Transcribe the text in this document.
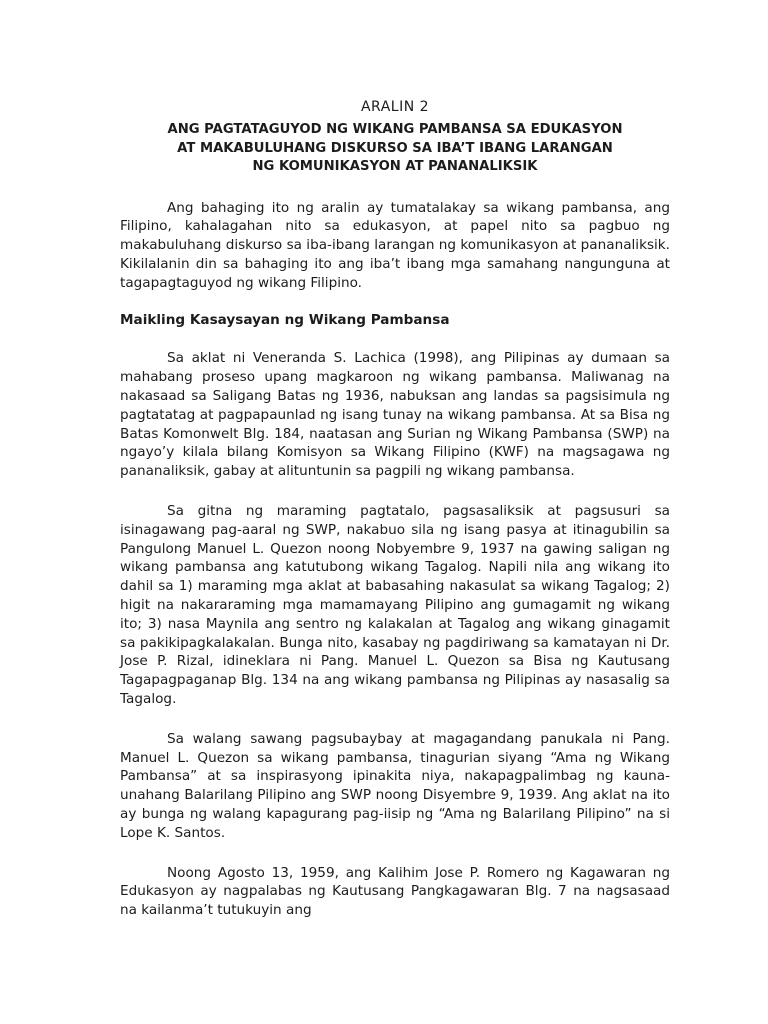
ARALIN 2

ANG PAGTATAGUYOD NG WIKANG PAMBANSA SA EDUKASYON

AT MAKABULUHANG DISKURSO SA IBA’T IBANG LARANGAN

NG KOMUNIKASYON AT PANANALIKSIK

Ang bahaging ito ng aralin ay tumatalakay sa wikang pambansa, ang Filipino, kahalagahan nito sa edukasyon, at papel nito sa pagbuo ng makabuluhang diskurso sa iba-ibang larangan ng komunikasyon at pananaliksik. Kikilalanin din sa bahaging ito ang iba’t ibang mga samahang nangunguna at tagapagtaguyod ng wikang Filipino.

Maikling Kasaysayan ng Wikang Pambansa

Sa aklat ni Veneranda S. Lachica (1998), ang Pilipinas ay dumaan sa mahabang proseso upang magkaroon ng wikang pambansa. Maliwanag na nakasaad sa Saligang Batas ng 1936, nabuksan ang landas sa pagsisimula ng pagtatatag at pagpapaunlad ng isang tunay na wikang pambansa. At sa Bisa ng Batas Komonwelt Blg. 184, naatasan ang Surian ng Wikang Pambansa (SWP) na ngayo’y kilala bilang Komisyon sa Wikang Filipino (KWF) na magsagawa ng pananaliksik, gabay at alituntunin sa pagpili ng wikang pambansa.

Sa gitna ng maraming pagtatalo, pagsasaliksik at pagsusuri sa isinagawang pag-aaral ng SWP, nakabuo sila ng isang pasya at itinagubilin sa Pangulong Manuel L. Quezon noong Nobyembre 9, 1937 na gawing saligan ng wikang pambansa ang katutubong wikang Tagalog. Napili nila ang wikang ito dahil sa 1) maraming mga aklat at babasahing nakasulat sa wikang Tagalog; 2) higit na nakararaming mga mamamayang Pilipino ang gumagamit ng wikang ito; 3) nasa Maynila ang sentro ng kalakalan at Tagalog ang wikang ginagamit sa pakikipagkalakalan. Bunga nito, kasabay ng pagdiriwang sa kamatayan ni Dr. Jose P. Rizal, idineklara ni Pang. Manuel L. Quezon sa Bisa ng Kautusang Tagapagpaganap Blg. 134 na ang wikang pambansa ng Pilipinas ay nasasalig sa Tagalog.

Sa walang sawang pagsubaybay at magagandang panukala ni Pang. Manuel L. Quezon sa wikang pambansa, tinagurian siyang “Ama ng Wikang Pambansa” at sa inspirasyong ipinakita niya, nakapagpalimbag ng kauna-unahang Balarilang Pilipino ang SWP noong Disyembre 9, 1939. Ang aklat na ito ay bunga ng walang kapagurang pag-iisip ng “Ama ng Balarilang Pilipino” na si Lope K. Santos.

Noong Agosto 13, 1959, ang Kalihim Jose P. Romero ng Kagawaran ng Edukasyon ay nagpalabas ng Kautusang Pangkagawaran Blg. 7 na nagsasaad na kailanma’t tutukuyin ang
